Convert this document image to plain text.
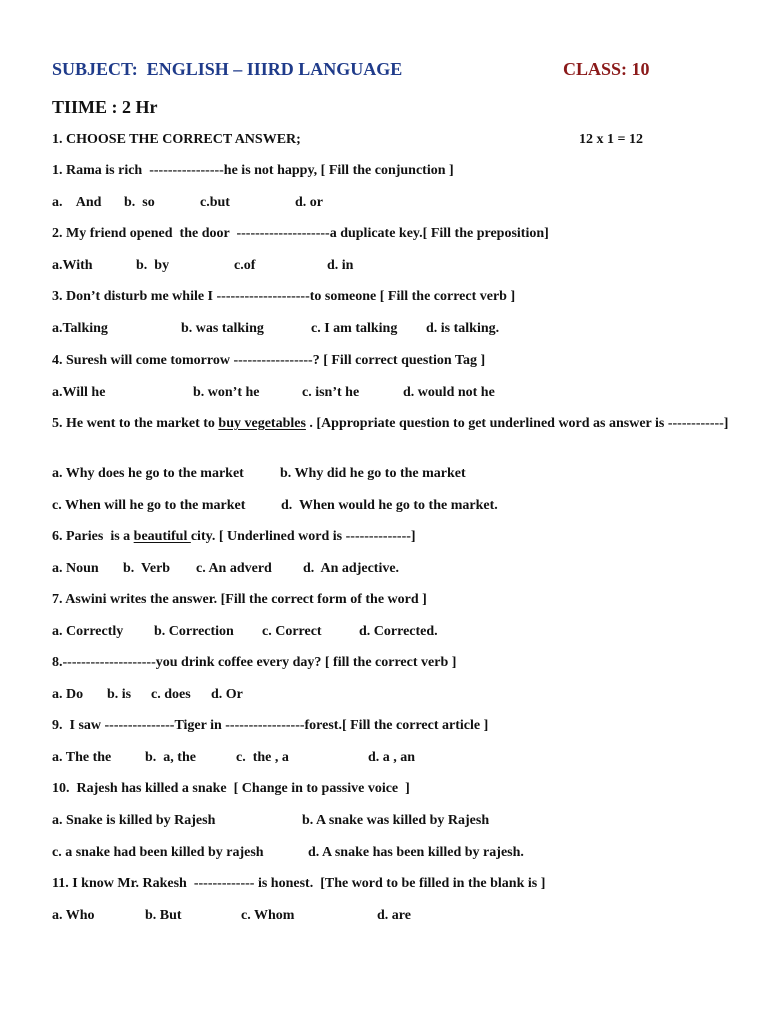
SUBJECT:  ENGLISH – IIIRD LANGUAGE	CLASS: 10
TIIME : 2 Hr
1. CHOOSE THE CORRECT ANSWER;	12 x 1 = 12
1. Rama is rich  ----------------he is not happy, [ Fill the conjunction ]
a.    And b.  so	c.but	d. or
2. My friend opened  the door  --------------------a duplicate key.[ Fill the preposition]
a.With	b.  by	c.of	d. in
3. Don’t disturb me while I --------------------to someone [ Fill the correct verb ]
a.Talking	b. was talking	c. I am talking d. is talking.
4. Suresh will come tomorrow -----------------? [ Fill correct question Tag ]
a.Will he	b. won’t he	c. isn’t he	d. would not he
5. He went to the market to buy vegetables . [Appropriate question to get underlined word as answer is ------------]
a. Why does he go to the market	b. Why did he go to the market
c. When will he go to the market	d.  When would he go to the market.
6. Paries  is a beautiful city. [ Underlined word is --------------]
a. Noun b.  Verb c. An adverd d.  An adjective.
7. Aswini writes the answer. [Fill the correct form of the word ]
a. Correctly b. Correction c. Correct	d. Corrected.
8.--------------------you drink coffee every day? [ fill the correct verb ]
a. Do b. is c. does d. Or
9.  I saw ---------------Tiger in -----------------forest.[ Fill the correct article ]
a. The the b.  a, the	c.  the , a	d. a , an
10.  Rajesh has killed a snake  [ Change in to passive voice  ]
a. Snake is killed by Rajesh	b. A snake was killed by Rajesh
c. a snake had been killed by rajesh	d. A snake has been killed by rajesh.
11. I know Mr. Rakesh  ------------- is honest.  [The word to be filled in the blank is ]
a. Who	b. But	c. Whom	d. are
